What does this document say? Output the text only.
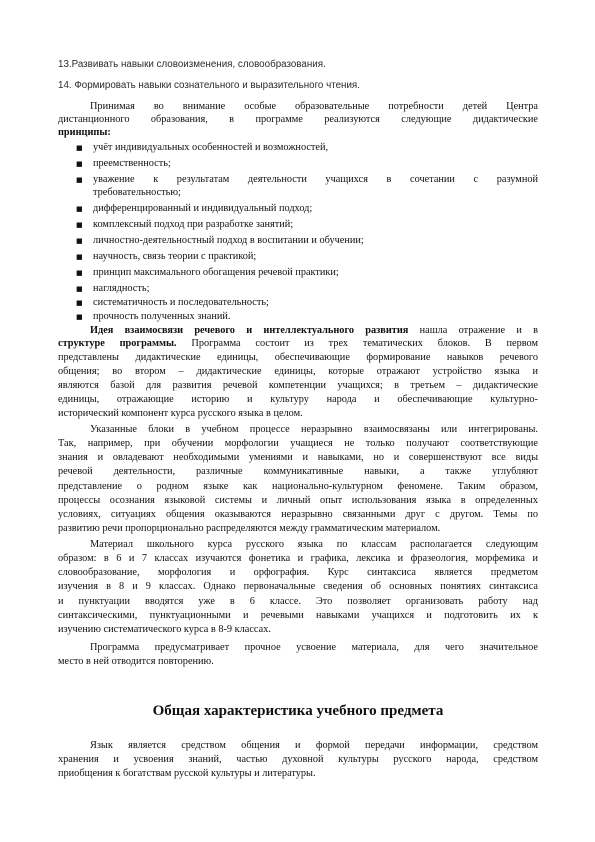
13.Развивать навыки словоизменения, словообразования.
14. Формировать навыки сознательного и выразительного чтения.
Принимая во внимание особые образовательные потребности детей Центра
дистанционного образования, в программе реализуются следующие дидактические
принципы:
■ учёт индивидуальных особенностей и возможностей,
■ преемственность;
■ уважение к результатам деятельности учащихся в сочетании с разумной
требовательностью;
■ дифференцированный и индивидуальный подход;
■ комплексный подход при разработке занятий;
■ личностно-деятельностный подход в воспитании и обучении;
■ научность, связь теории с практикой;
■ принцип максимального обогащения речевой практики;
■ наглядность;
■ систематичность и последовательность;
■ прочность полученных знаний.
Идея взаимосвязи речевого и интеллектуального развития нашла отражение и в
структуре программы. Программа состоит из трех тематических блоков. В первом
представлены дидактические единицы, обеспечивающие формирование навыков речевого
общения; во втором – дидактические единицы, которые отражают устройство языка и
являются базой для развития речевой компетенции учащихся; в третьем – дидактические
единицы, отражающие историю и культуру народа и обеспечивающие культурно-
исторический компонент курса русского языка в целом.
Указанные блоки в учебном процессе неразрывно взаимосвязаны или интегрированы.
Так, например, при обучении морфологии учащиеся не только получают соответствующие
знания и овладевают необходимыми умениями и навыками, но и совершенствуют все виды
речевой деятельности, различные коммуникативные навыки, а также углубляют
представление о родном языке как национально-культурном феномене. Таким образом,
процессы осознания языковой системы и личный опыт использования языка в определенных
условиях, ситуациях общения оказываются неразрывно связанными друг с другом. Темы по
развитию речи пропорционально распределяются между грамматическим материалом.
Материал школьного курса русского языка по классам располагается следующим
образом: в 6 и 7 классах изучаются фонетика и графика, лексика и фразеология, морфемика и
словообразование, морфология и орфография. Курс синтаксиса является предметом
изучения в 8 и 9 классах. Однако первоначальные сведения об основных понятиях синтаксиса
и пунктуации вводятся уже в 6 классе. Это позволяет организовать работу над
синтаксическими, пунктуационными и речевыми навыками учащихся и подготовить их к
изучению систематического курса в 8-9 классах.
Программа предусматривает прочное усвоение материала, для чего значительное
место в ней отводится повторению.
Общая характеристика учебного предмета
Язык является средством общения и формой передачи информации, средством
хранения и усвоения знаний, частью духовной культуры русского народа, средством
приобщения к богатствам русской культуры и литературы.
